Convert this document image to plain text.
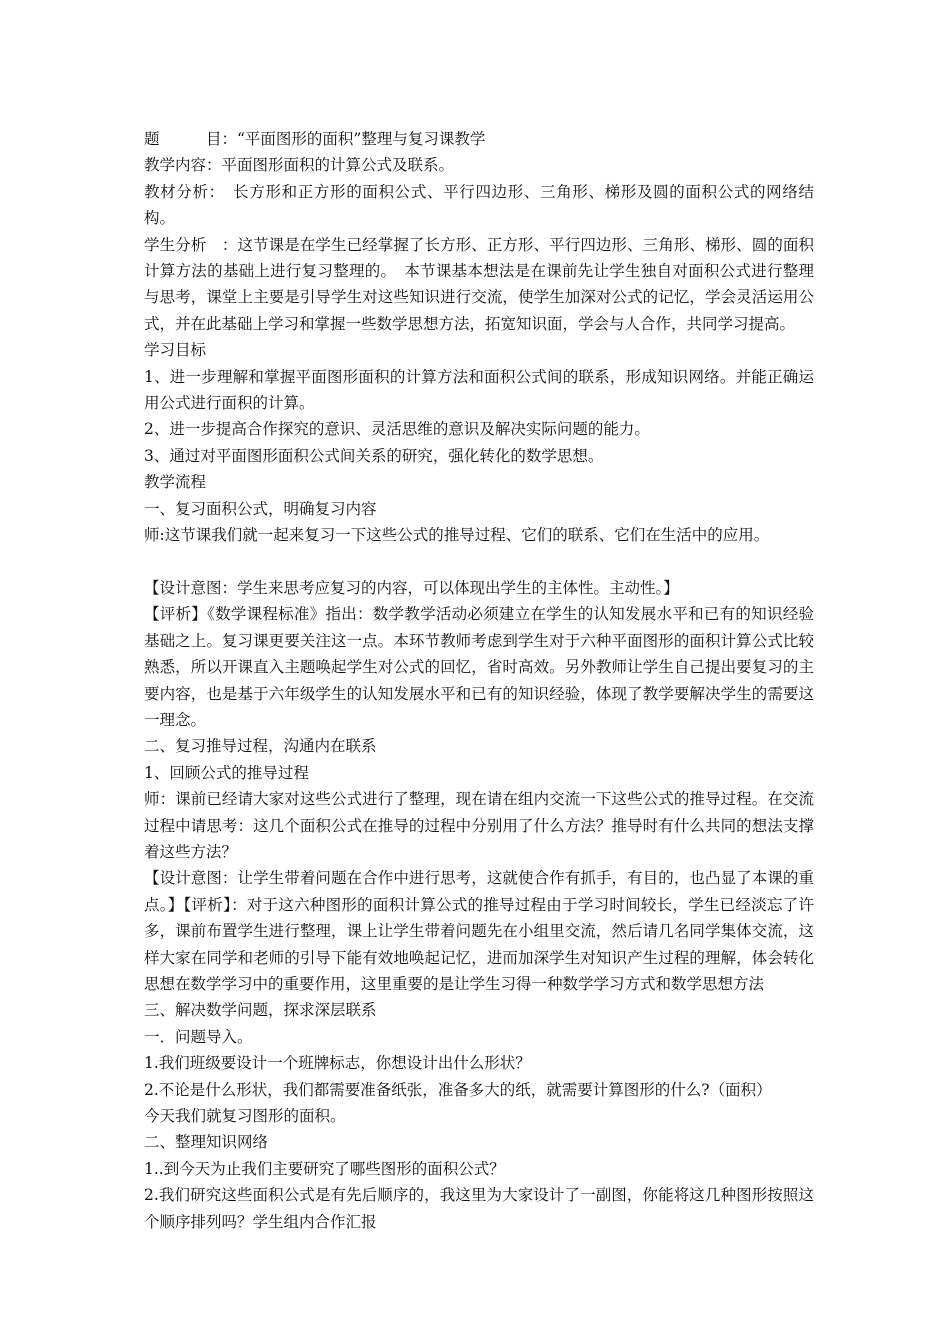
题　　　目：“平面图形的面积”整理与复习课教学

教学内容：平面图形面积的计算公式及联系。

教材分析：　长方形和正方形的面积公式、平行四边形、三角形、梯形及圆的面积公式的网络结构。

学生分析　：这节课是在学生已经掌握了长方形、正方形、平行四边形、三角形、梯形、圆的面积计算方法的基础上进行复习整理的。　本节课基本想法是在课前先让学生独自对面积公式进行整理与思考，课堂上主要是引导学生对这些知识进行交流，使学生加深对公式的记忆，学会灵活运用公式，并在此基础上学习和掌握一些数学思想方法，拓宽知识面，学会与人合作，共同学习提高。

学习目标

1、进一步理解和掌握平面图形面积的计算方法和面积公式间的联系，形成知识网络。并能正确运用公式进行面积的计算。

2、进一步提高合作探究的意识、灵活思维的意识及解决实际问题的能力。

3、通过对平面图形面积公式间关系的研究，强化转化的数学思想。

教学流程

一、复习面积公式，明确复习内容

师:这节课我们就一起来复习一下这些公式的推导过程、它们的联系、它们在生活中的应用。

【设计意图：学生来思考应复习的内容，可以体现出学生的主体性。主动性。】

【评析】《数学课程标准》指出：数学教学活动必须建立在学生的认知发展水平和已有的知识经验基础之上。复习课更要关注这一点。本环节教师考虑到学生对于六种平面图形的面积计算公式比较熟悉，所以开课直入主题唤起学生对公式的回忆，省时高效。另外教师让学生自己提出要复习的主要内容，也是基于六年级学生的认知发展水平和已有的知识经验，体现了教学要解决学生的需要这一理念。

二、复习推导过程，沟通内在联系

1、回顾公式的推导过程

师：课前已经请大家对这些公式进行了整理，现在请在组内交流一下这些公式的推导过程。在交流过程中请思考：这几个面积公式在推导的过程中分别用了什么方法？推导时有什么共同的想法支撑着这些方法？

【设计意图：让学生带着问题在合作中进行思考，这就使合作有抓手，有目的，也凸显了本课的重点。】【评析】：对于这六种图形的面积计算公式的推导过程由于学习时间较长，学生已经淡忘了许多，课前布置学生进行整理，课上让学生带着问题先在小组里交流，然后请几名同学集体交流，这样大家在同学和老师的引导下能有效地唤起记忆，进而加深学生对知识产生过程的理解，体会转化思想在数学学习中的重要作用，这里重要的是让学生习得一种数学学习方式和数学思想方法

三、解决数学问题，探求深层联系

一．问题导入。

1.我们班级要设计一个班牌标志，你想设计出什么形状？

2.不论是什么形状，我们都需要准备纸张，准备多大的纸，就需要计算图形的什么?（面积）

今天我们就复习图形的面积。

二、整理知识网络

1..到今天为止我们主要研究了哪些图形的面积公式？

2.我们研究这些面积公式是有先后顺序的，我这里为大家设计了一副图，你能将这几种图形按照这个顺序排列吗？学生组内合作汇报
